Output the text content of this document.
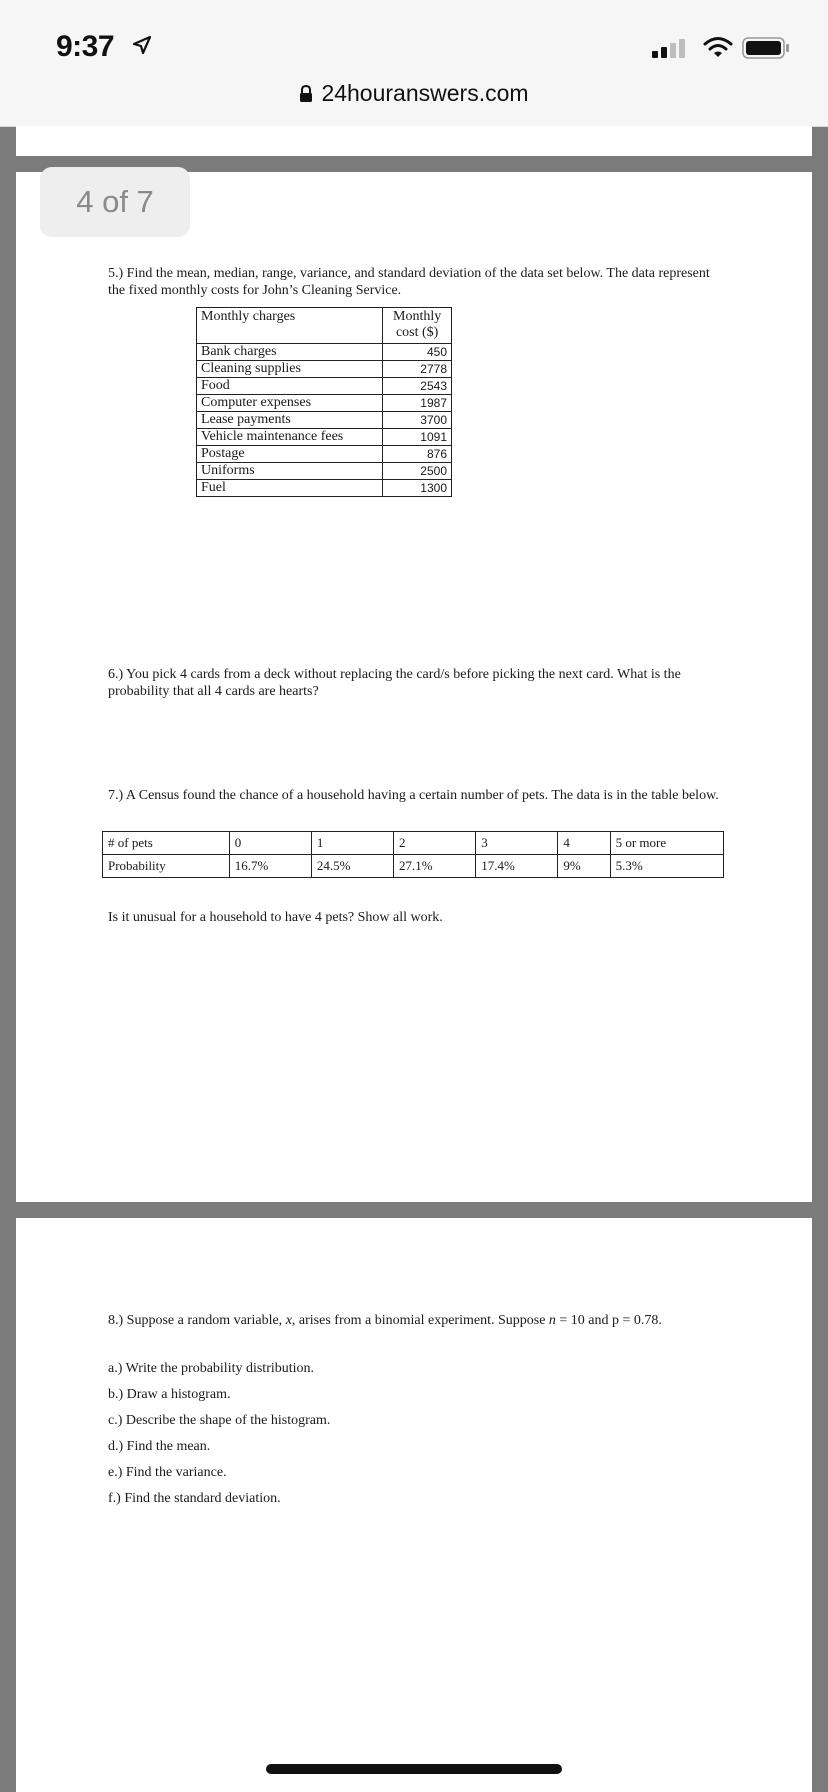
9:37
24houranswers.com
4 of 7
5.) Find the mean, median, range, variance, and standard deviation of the data set below. The data represent the fixed monthly costs for John’s Cleaning Service.
Monthly charges	Monthly cost ($)
Bank charges	450
Cleaning supplies	2778
Food	2543
Computer expenses	1987
Lease payments	3700
Vehicle maintenance fees	1091
Postage	876
Uniforms	2500
Fuel	1300
6.) You pick 4 cards from a deck without replacing the card/s before picking the next card. What is the probability that all 4 cards are hearts?
7.) A Census found the chance of a household having a certain number of pets. The data is in the table below.
# of pets	0	1	2	3	4	5 or more
Probability	16.7%	24.5%	27.1%	17.4%	9%	5.3%
Is it unusual for a household to have 4 pets? Show all work.
8.) Suppose a random variable, x, arises from a binomial experiment. Suppose n = 10 and p = 0.78.
a.) Write the probability distribution.
b.) Draw a histogram.
c.) Describe the shape of the histogram.
d.) Find the mean.
e.) Find the variance.
f.) Find the standard deviation.
